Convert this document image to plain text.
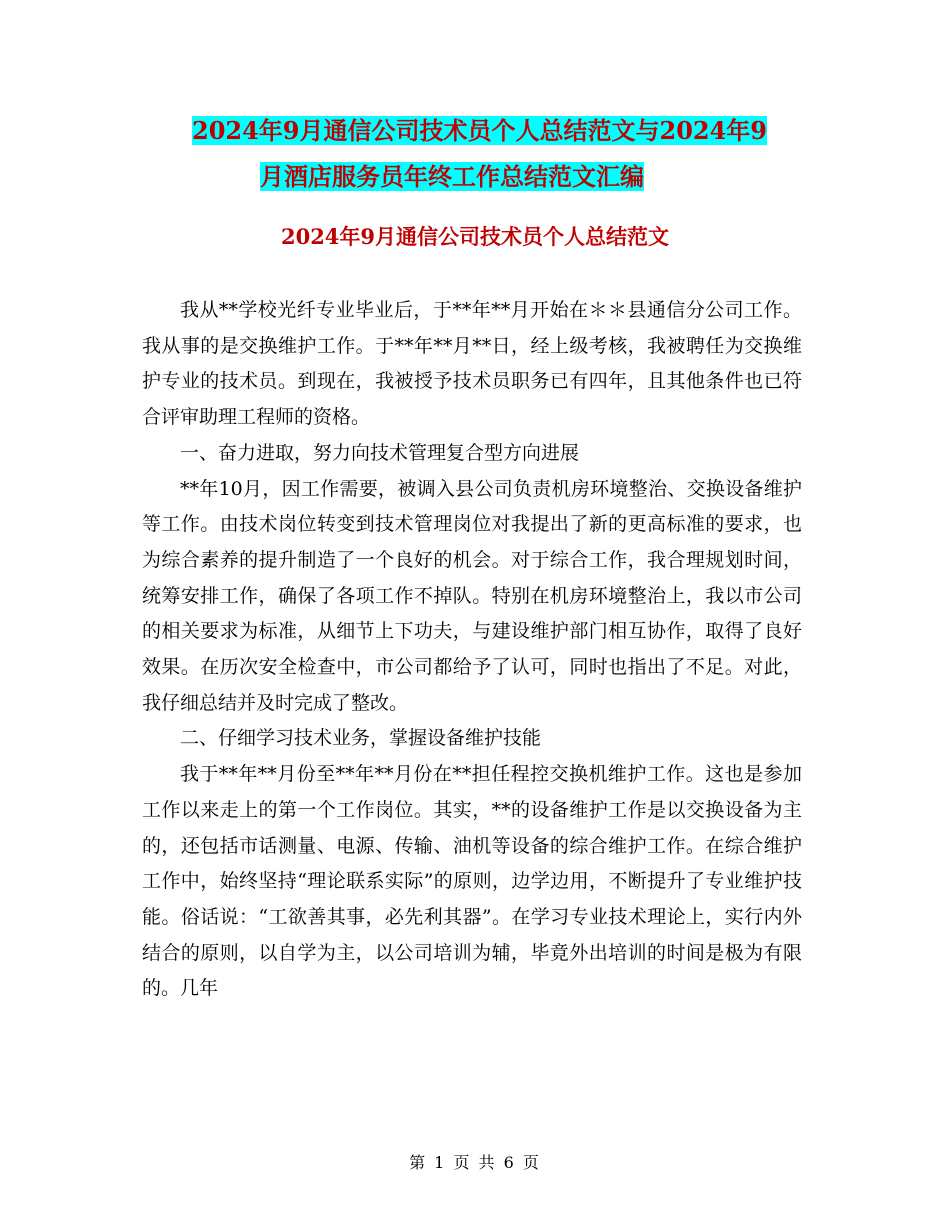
2024年9月通信公司技术员个人总结范文与2024年9
月酒店服务员年终工作总结范文汇编
2024年9月通信公司技术员个人总结范文

我从**学校光纤专业毕业后，于**年**月开始在＊＊县通信分公司工作。我从事的是交换维护工作。于**年**月**日，经上级考核，我被聘任为交换维护专业的技术员。到现在，我被授予技术员职务已有四年，且其他条件也已符合评审助理工程师的资格。

一、奋力进取，努力向技术管理复合型方向进展

**年10月，因工作需要，被调入县公司负责机房环境整治、交换设备维护等工作。由技术岗位转变到技术管理岗位对我提出了新的更高标准的要求，也为综合素养的提升制造了一个良好的机会。对于综合工作，我合理规划时间，统筹安排工作，确保了各项工作不掉队。特别在机房环境整治上，我以市公司的相关要求为标准，从细节上下功夫，与建设维护部门相互协作，取得了良好效果。在历次安全检查中，市公司都给予了认可，同时也指出了不足。对此，我仔细总结并及时完成了整改。

二、仔细学习技术业务，掌握设备维护技能

我于**年**月份至**年**月份在**担任程控交换机维护工作。这也是参加工作以来走上的第一个工作岗位。其实，**的设备维护工作是以交换设备为主的，还包括市话测量、电源、传输、油机等设备的综合维护工作。在综合维护工作中，始终坚持“理论联系实际”的原则，边学边用，不断提升了专业维护技能。俗话说：“工欲善其事，必先利其器”。在学习专业技术理论上，实行内外结合的原则，以自学为主，以公司培训为辅，毕竟外出培训的时间是极为有限的。几年

第 1 页 共 6 页
